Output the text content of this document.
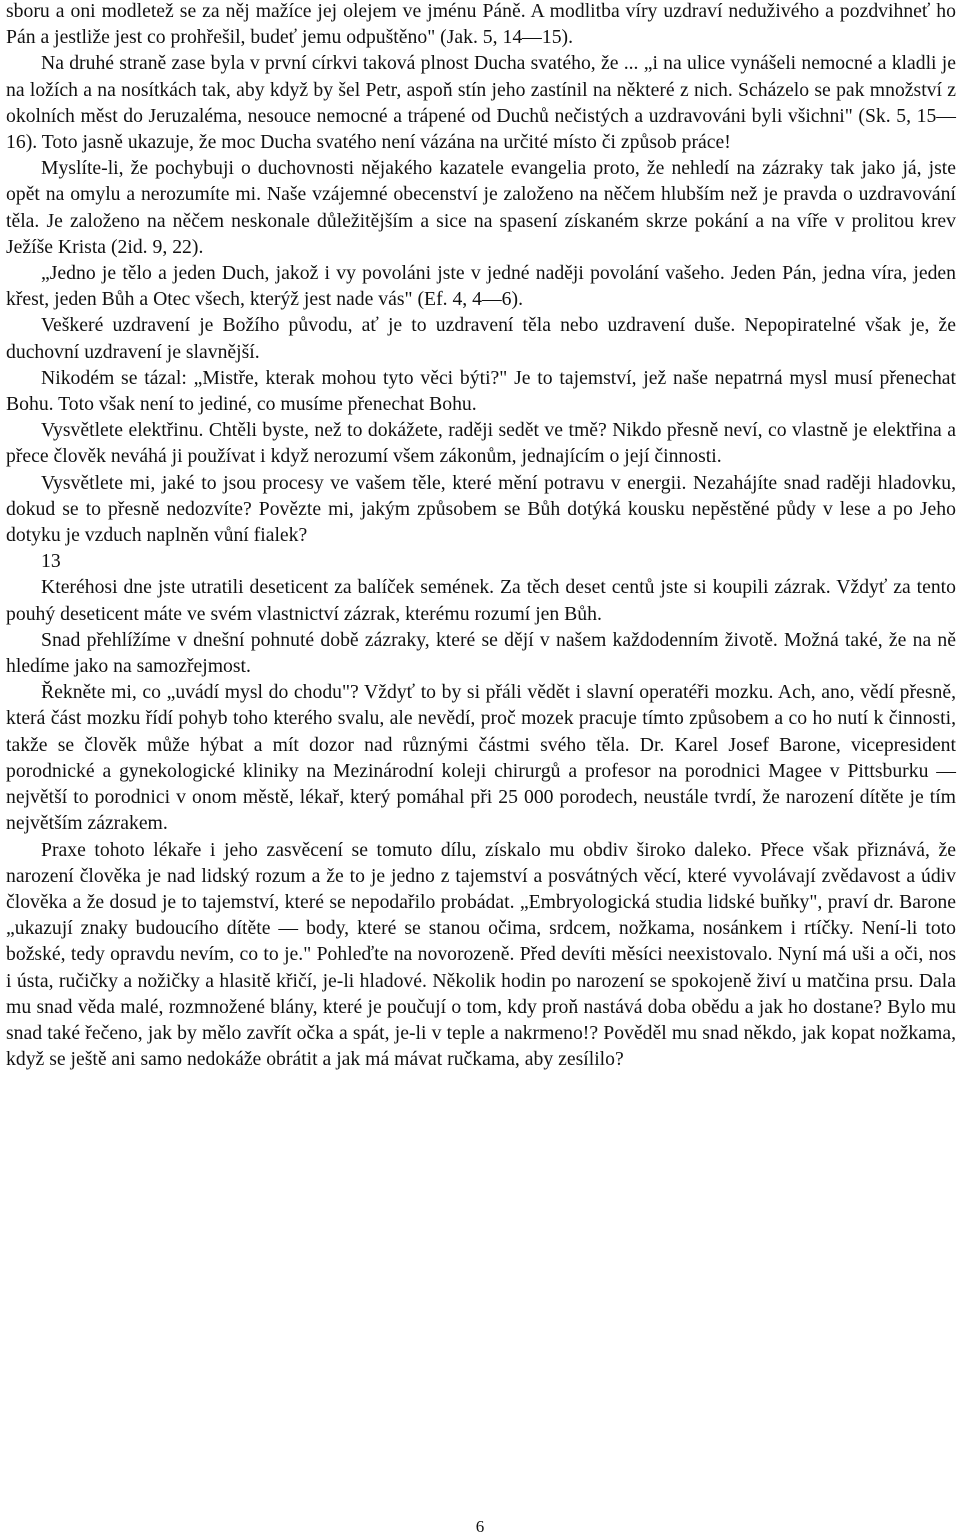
sboru a oni modletež se za něj mažíce jej olejem ve jménu Páně. A modlitba víry uzdraví neduživého a pozdvihneť ho Pán a jestliže jest co prohřešil, budeť jemu odpuštěno" (Jak. 5, 14—15).

Na druhé straně zase byla v první církvi taková plnost Ducha svatého, že ... „i na ulice vynášeli nemocné a kladli je na ložích a na nosítkách tak, aby když by šel Petr, aspoň stín jeho zastínil na některé z nich. Scházelo se pak množství z okolních měst do Jeruzaléma, nesouce nemocné a trápené od Duchů nečistých a uzdravováni byli všichni" (Sk. 5, 15—16). Toto jasně ukazuje, že moc Ducha svatého není vázána na určité místo či způsob práce!

Myslíte-li, že pochybuji o duchovnosti nějakého kazatele evangelia proto, že nehledí na zázraky tak jako já, jste opět na omylu a nerozumíte mi. Naše vzájemné obecenství je založeno na něčem hlubším než je pravda o uzdravování těla. Je založeno na něčem neskonale důležitějším a sice na spasení získaném skrze pokání a na víře v prolitou krev Ježíše Krista (2id. 9, 22).

„Jedno je tělo a jeden Duch, jakož i vy povoláni jste v jedné naději povolání vašeho. Jeden Pán, jedna víra, jeden křest, jeden Bůh a Otec všech, kterýž jest nade vás" (Ef. 4, 4—6).

Veškeré uzdravení je Božího původu, ať je to uzdravení těla nebo uzdravení duše. Nepopiratelné však je, že duchovní uzdravení je slavnější.

Nikodém se tázal: „Mistře, kterak mohou tyto věci býti?" Je to tajemství, jež naše nepatrná mysl musí přenechat Bohu. Toto však není to jediné, co musíme přenechat Bohu.

Vysvětlete elektřinu. Chtěli byste, než to dokážete, raději sedět ve tmě? Nikdo přesně neví, co vlastně je elektřina a přece člověk neváhá ji používat i když nerozumí všem zákonům, jednajícím o její činnosti.

Vysvětlete mi, jaké to jsou procesy ve vašem těle, které mění potravu v energii. Nezahájíte snad raději hladovku, dokud se to přesně nedozvíte? Povězte mi, jakým způsobem se Bůh dotýká kousku nepěstěné půdy v lese a po Jeho dotyku je vzduch naplněn vůní fialek?

13

Kteréhosi dne jste utratili deseticent za balíček semének. Za těch deset centů jste si koupili zázrak. Vždyť za tento pouhý deseticent máte ve svém vlastnictví zázrak, kterému rozumí jen Bůh.

Snad přehlížíme v dnešní pohnuté době zázraky, které se dějí v našem každodenním životě. Možná také, že na ně hledíme jako na samozřejmost.

Řekněte mi, co „uvádí mysl do chodu"? Vždyť to by si přáli vědět i slavní operatéři mozku. Ach, ano, vědí přesně, která část mozku řídí pohyb toho kterého svalu, ale nevědí, proč mozek pracuje tímto způsobem a co ho nutí k činnosti, takže se člověk může hýbat a mít dozor nad různými částmi svého těla. Dr. Karel Josef Barone, vicepresident porodnické a gynekologické kliniky na Mezinárodní koleji chirurgů a profesor na porodnici Magee v Pittsburku — největší to porodnici v onom městě, lékař, který pomáhal při 25 000 porodech, neustále tvrdí, že narození dítěte je tím největším zázrakem.

Praxe tohoto lékaře i jeho zasvěcení se tomuto dílu, získalo mu obdiv široko daleko. Přece však přiznává, že narození člověka je nad lidský rozum a že to je jedno z tajemství a posvátných věcí, které vyvolávají zvědavost a údiv člověka a že dosud je to tajemství, které se nepodařilo probádat. „Embryologická studia lidské buňky", praví dr. Barone „ukazují znaky budoucího dítěte — body, které se stanou očima, srdcem, nožkama, nosánkem i rtíčky. Není-li toto božské, tedy opravdu nevím, co to je." Pohleďte na novorozeně. Před devíti měsíci neexistovalo. Nyní má uši a oči, nos i ústa, ručičky a nožičky a hlasitě křičí, je-li hladové. Několik hodin po narození se spokojeně živí u matčina prsu. Dala mu snad věda malé, rozmnožené blány, které je poučují o tom, kdy proň nastává doba obědu a jak ho dostane? Bylo mu snad také řečeno, jak by mělo zavřít očka a spát, je-li v teple a nakrmeno!? Pověděl mu snad někdo, jak kopat nožkama, když se ještě ani samo nedokáže obrátit a jak má mávat ručkama, aby zesílilo?

6
